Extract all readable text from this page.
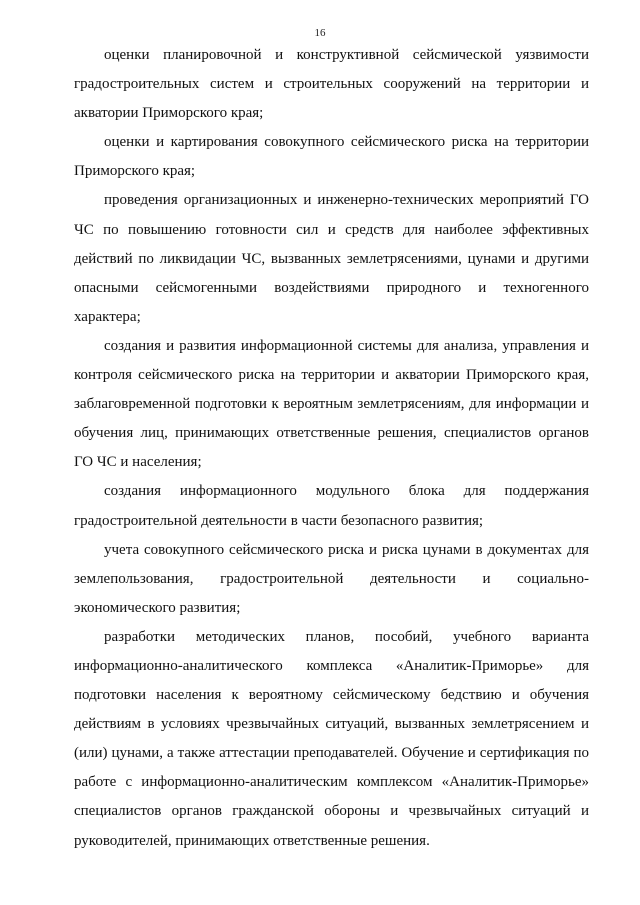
16

оценки планировочной и конструктивной сейсмической уязвимости градостроительных систем и строительных сооружений на территории и акватории Приморского края;

оценки и картирования совокупного сейсмического риска на территории Приморского края;

проведения организационных и инженерно-технических мероприятий ГО ЧС по повышению готовности сил и средств для наиболее эффективных действий по ликвидации ЧС, вызванных землетрясениями, цунами и другими опасными сейсмогенными воздействиями природного и техногенного характера;

создания и развития информационной системы для анализа, управления и контроля сейсмического риска на территории и акватории Приморского края, заблаговременной подготовки к вероятным землетрясениям, для информации и обучения лиц, принимающих ответственные решения, специалистов органов ГО ЧС и населения;

создания информационного модульного блока для поддержания градостроительной деятельности в части безопасного развития;

учета совокупного сейсмического риска и риска цунами в документах для землепользования, градостроительной деятельности и социально-экономического развития;

разработки методических планов, пособий, учебного варианта информационно-аналитического комплекса «Аналитик-Приморье» для подготовки населения к вероятному сейсмическому бедствию и обучения действиям в условиях чрезвычайных ситуаций, вызванных землетрясением и (или) цунами, а также аттестации преподавателей. Обучение и сертификация по работе с информационно-аналитическим комплексом «Аналитик-Приморье» специалистов органов гражданской обороны и чрезвычайных ситуаций и руководителей, принимающих ответственные решения.
